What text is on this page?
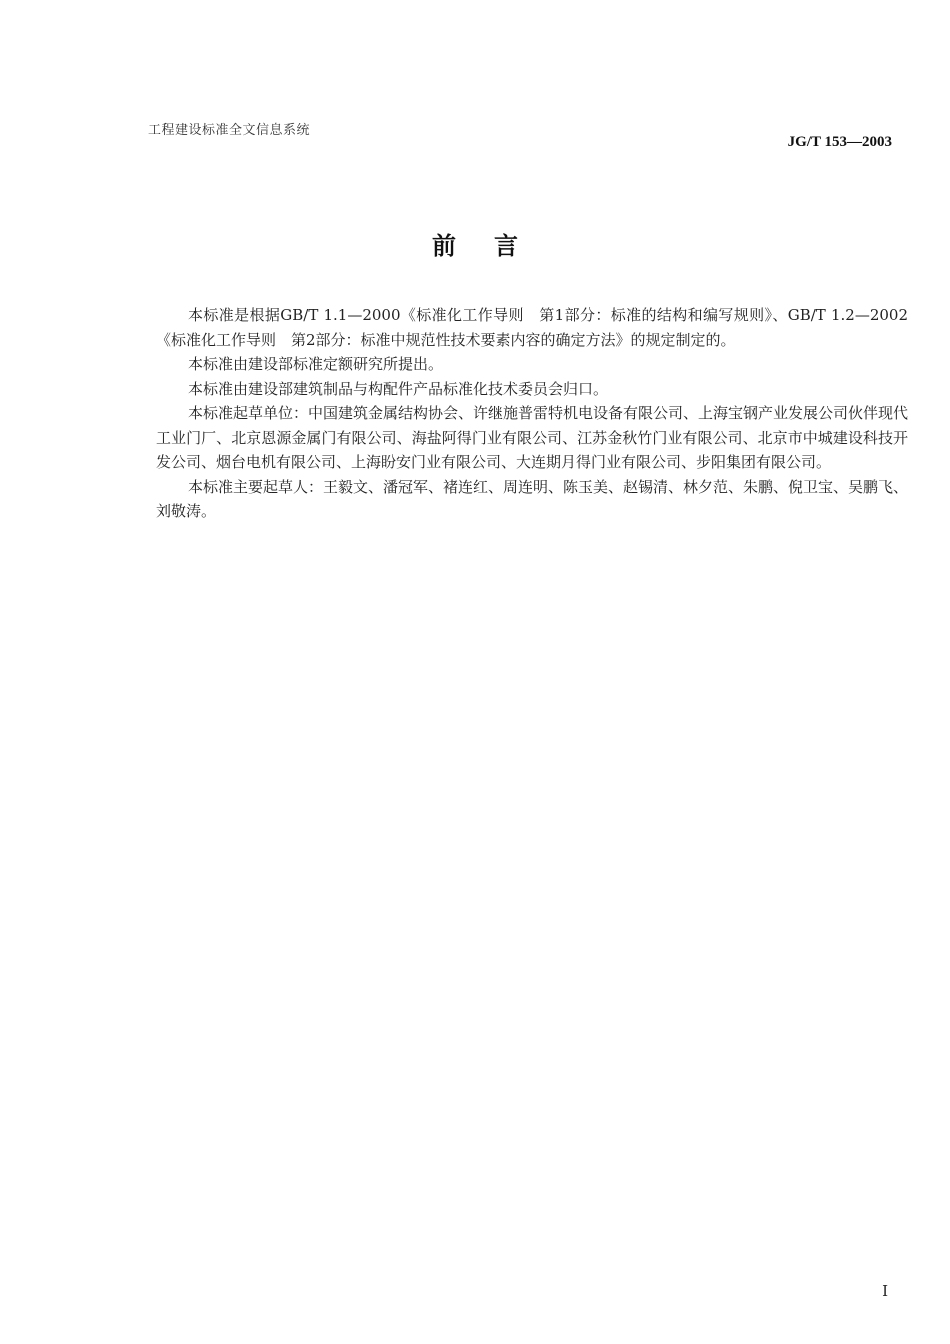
工程建设标准全文信息系统
JG/T 153—2003
前言

本标准是根据GB/T 1.1—2000《标准化工作导则　第1部分：标准的结构和编写规则》、GB/T 1.2—2002《标准化工作导则　第2部分：标准中规范性技术要素内容的确定方法》的规定制定的。

本标准由建设部标准定额研究所提出。

本标准由建设部建筑制品与构配件产品标准化技术委员会归口。

本标准起草单位：中国建筑金属结构协会、许继施普雷特机电设备有限公司、上海宝钢产业发展公司伙伴现代工业门厂、北京恩源金属门有限公司、海盐阿得门业有限公司、江苏金秋竹门业有限公司、北京市中城建设科技开发公司、烟台电机有限公司、上海盼安门业有限公司、大连期月得门业有限公司、步阳集团有限公司。

本标准主要起草人：王毅文、潘冠军、褚连红、周连明、陈玉美、赵锡清、林夕范、朱鹏、倪卫宝、吴鹏飞、刘敬涛。

I
